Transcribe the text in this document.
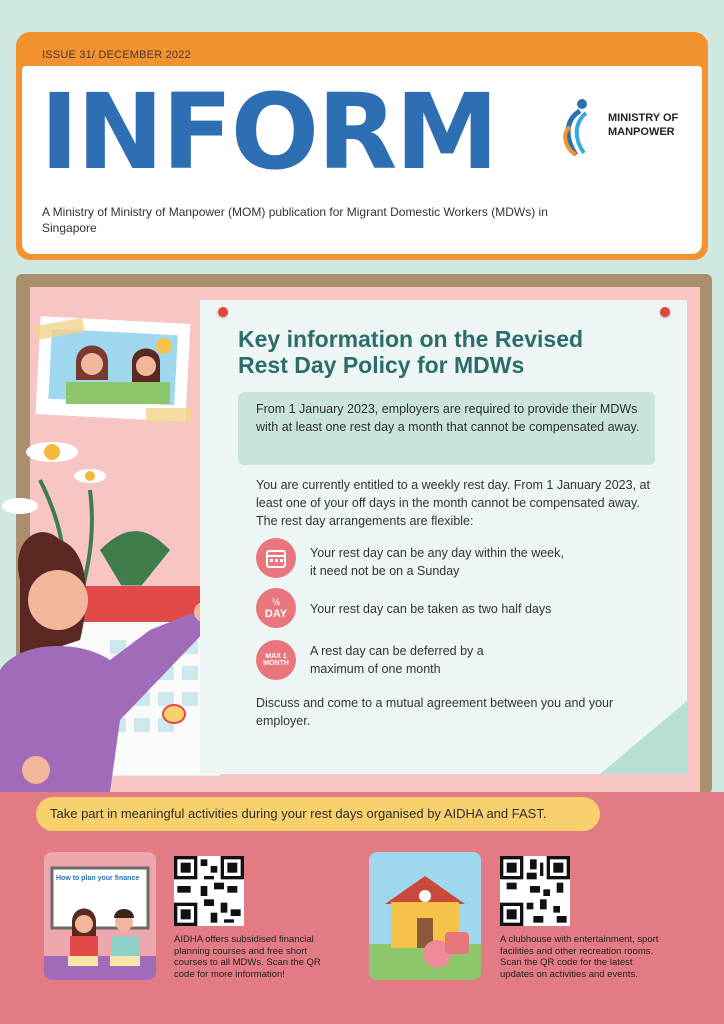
ISSUE 31/ DECEMBER 2022
INFORM
A Ministry of Ministry of Manpower (MOM) publication for Migrant Domestic Workers (MDWs) in Singapore
MINISTRY OF
MANPOWER
Key information on the Revised Rest Day Policy for MDWs
From 1 January 2023, employers are required to provide their MDWs with at least one rest day a month that cannot be compensated away.
You are currently entitled to a weekly rest day. From 1 January 2023, at least one of your off days in the month cannot be compensated away. The rest day arrangements are flexible:
Your rest day can be any day within the week, it need not be on a Sunday
½
DAY Your rest day can be taken as two half days
MAX 1 MONTH
A rest day can be deferred by a maximum of one month
Discuss and come to a mutual agreement between you and your employer.
Take part in meaningful activities during your rest days organised by AIDHA and FAST.
How to plan your finance
AIDHA offers subsidised financial planning courses and free short courses to all MDWs. Scan the QR code for more information!
A clubhouse with entertainment, sport facilities and other recreation rooms. Scan the QR code for the latest updates on activities and events.
